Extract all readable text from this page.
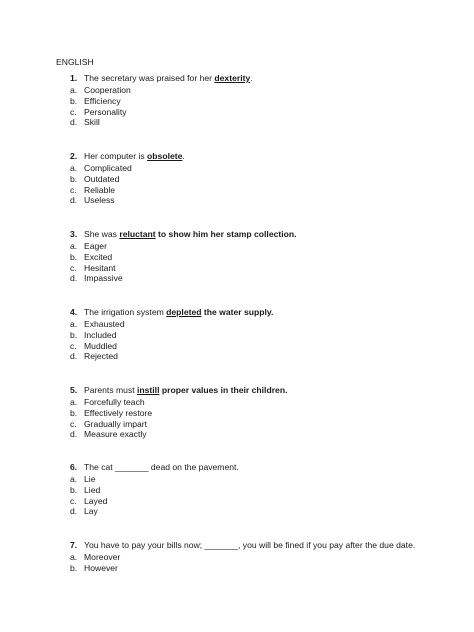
ENGLISH
1. The secretary was praised for her dexterity.
a. Cooperation
b. Efficiency
c. Personality
d. Skill
2. Her computer is obsolete.
a. Complicated
b. Outdated
c. Reliable
d. Useless
3. She was reluctant to show him her stamp collection.
a. Eager
b. Excited
c. Hesitant
d. Impassive
4. The irrigation system depleted the water supply.
a. Exhausted
b. Included
c. Muddled
d. Rejected
5. Parents must instill proper values in their children.
a. Forcefully teach
b. Effectively restore
c. Gradually impart
d. Measure exactly
6. The cat _______ dead on the pavement.
a. Lie
b. Lied
c. Layed
d. Lay
7. You have to pay your bills now; _______, you will be fined if you pay after the due date.
a. Moreover
b. However
